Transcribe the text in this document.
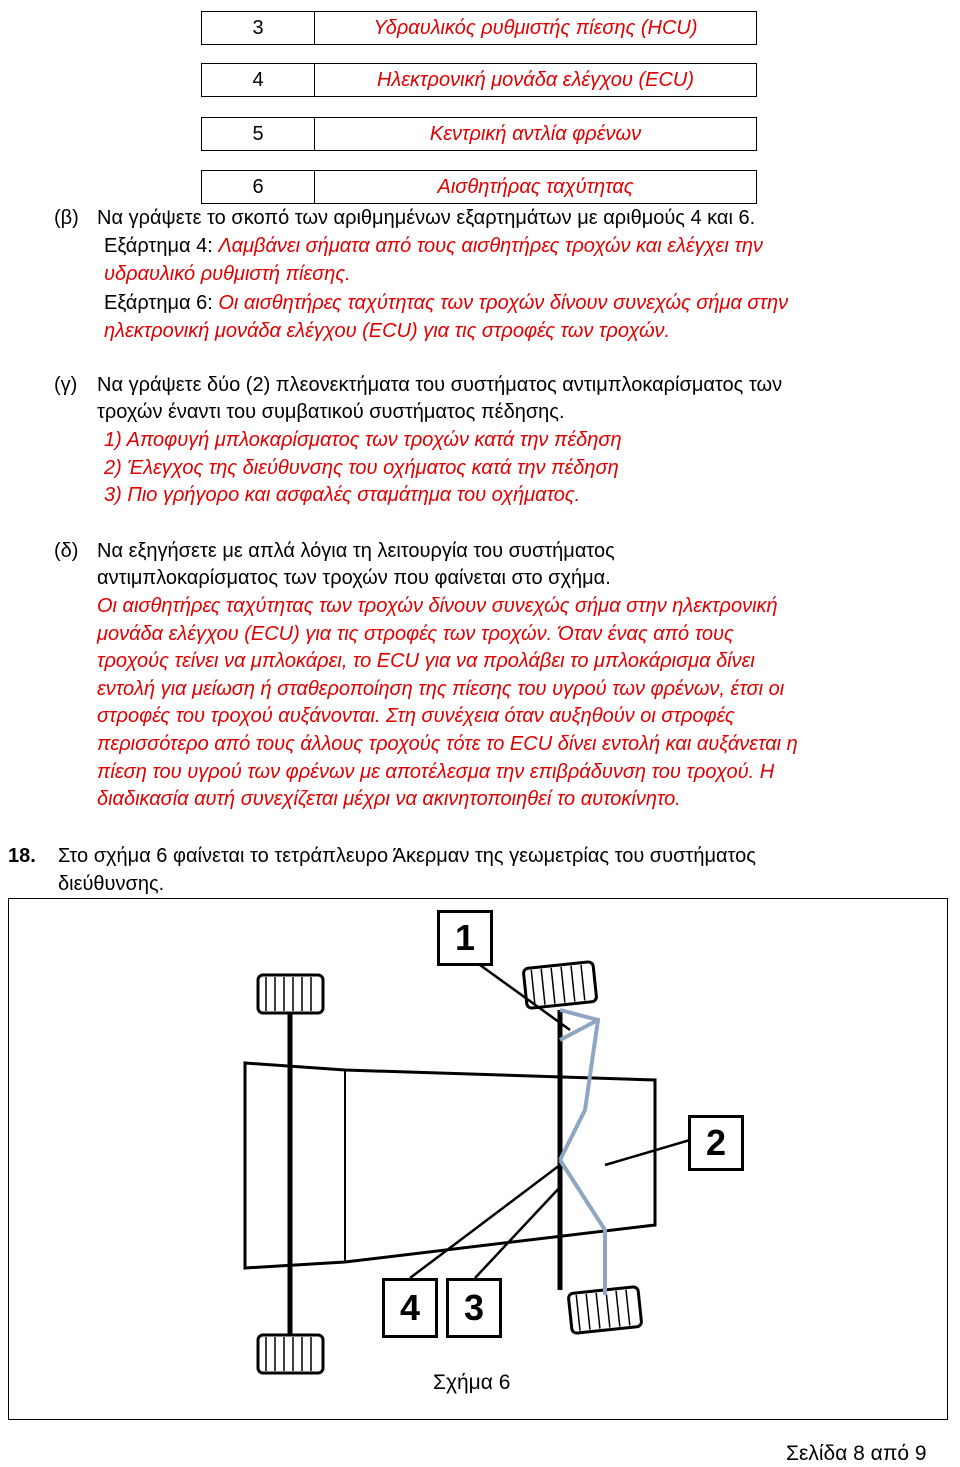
3	Υδραυλικός ρυθμιστής πίεσης (HCU)
4	Ηλεκτρονική μονάδα ελέγχου (ECU)
5	Κεντρική αντλία φρένων
6	Αισθητήρας ταχύτητας
(β) Να γράψετε το σκοπό των αριθμημένων εξαρτημάτων με αριθμούς 4 και 6.
Εξάρτημα 4: Λαμβάνει σήματα από τους αισθητήρες τροχών και ελέγχει την
υδραυλικό ρυθμιστή πίεσης.
Εξάρτημα 6: Οι αισθητήρες ταχύτητας των τροχών δίνουν συνεχώς σήμα στην
ηλεκτρονική μονάδα ελέγχου (ECU) για τις στροφές των τροχών.
(γ) Να γράψετε δύο (2) πλεονεκτήματα του συστήματος αντιμπλοκαρίσματος των
τροχών έναντι του συμβατικού συστήματος πέδησης.
1) Αποφυγή μπλοκαρίσματος των τροχών κατά την πέδηση
2) Έλεγχος της διεύθυνσης του οχήματος κατά την πέδηση
3) Πιο γρήγορο και ασφαλές σταμάτημα του οχήματος.
(δ) Να εξηγήσετε με απλά λόγια τη λειτουργία του συστήματος
αντιμπλοκαρίσματος των τροχών που φαίνεται στο σχήμα.
Οι αισθητήρες ταχύτητας των τροχών δίνουν συνεχώς σήμα στην ηλεκτρονική
μονάδα ελέγχου (ECU) για τις στροφές των τροχών. Όταν ένας από τους
τροχούς τείνει να μπλοκάρει, το ECU για να προλάβει το μπλοκάρισμα δίνει
εντολή για μείωση ή σταθεροποίηση της πίεσης του υγρού των φρένων, έτσι οι
στροφές του τροχού αυξάνονται. Στη συνέχεια όταν αυξηθούν οι στροφές
περισσότερο από τους άλλους τροχούς τότε το ECU δίνει εντολή και αυξάνεται η
πίεση του υγρού των φρένων με αποτέλεσμα την επιβράδυνση του τροχού. Η
διαδικασία αυτή συνεχίζεται μέχρι να ακινητοποιηθεί το αυτοκίνητο.
18. Στο σχήμα 6 φαίνεται το τετράπλευρο Άκερμαν της γεωμετρίας του συστήματος
διεύθυνσης.
1
2
4	3
Σχήμα 6
Σελίδα 8 από 9
